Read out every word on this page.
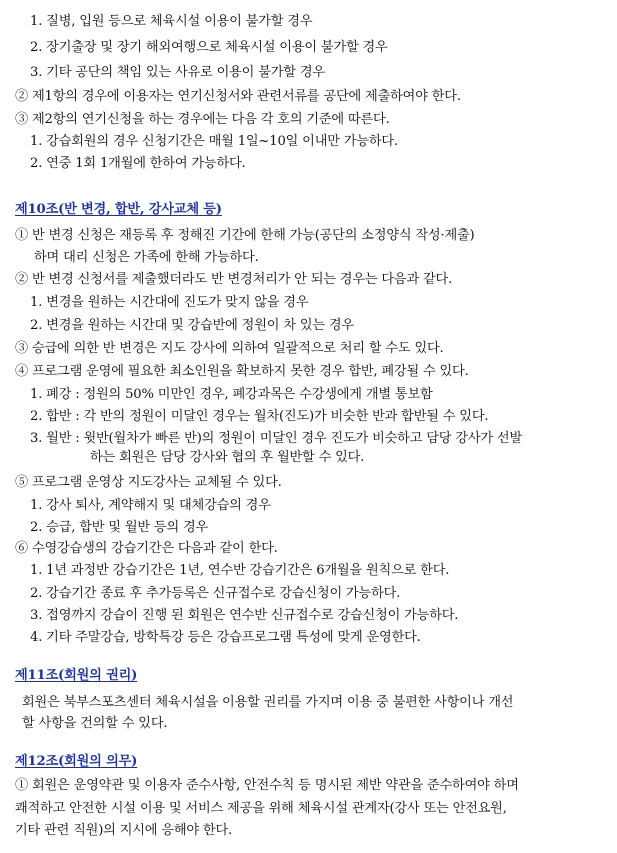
1. 질병, 입원 등으로 체육시설 이용이 불가할 경우
2. 장기출장 및 장기 해외여행으로 체육시설 이용이 불가할 경우
3. 기타 공단의 책임 있는 사유로 이용이 불가할 경우
② 제1항의 경우에 이용자는 연기신청서와 관련서류를 공단에 제출하여야 한다.
③ 제2항의 연기신청을 하는 경우에는 다음 각 호의 기준에 따른다.
1. 강습회원의 경우 신청기간은 매월 1일~10일 이내만 가능하다.
2. 연중 1회 1개월에 한하여 가능하다.
제10조(반 변경, 합반, 강사교체 등)
① 반 변경 신청은 재등록 후 정해진 기간에 한해 가능(공단의 소정양식 작성·제출)
하며 대리 신청은 가족에 한해 가능하다.
② 반 변경 신청서를 제출했더라도 반 변경처리가 안 되는 경우는 다음과 같다.
1. 변경을 원하는 시간대에 진도가 맞지 않을 경우
2. 변경을 원하는 시간대 및 강습반에 정원이 차 있는 경우
③ 승급에 의한 반 변경은 지도 강사에 의하여 일괄적으로 처리 할 수도 있다.
④ 프로그램 운영에 필요한 최소인원을 확보하지 못한 경우 합반, 폐강될 수 있다.
1. 폐강 : 정원의 50% 미만인 경우, 폐강과목은 수강생에게 개별 통보함
2. 합반 : 각 반의 정원이 미달인 경우는 월차(진도)가 비슷한 반과 합반될 수 있다.
3. 월반 : 윗반(월차가 빠른 반)의 정원이 미달인 경우 진도가 비슷하고 담당 강사가 선발
하는 회원은 담당 강사와 협의 후 월반할 수 있다.
⑤ 프로그램 운영상 지도강사는 교체될 수 있다.
1. 강사 퇴사, 계약해지 및 대체강습의 경우
2. 승급, 합반 및 월반 등의 경우
⑥ 수영강습생의 강습기간은 다음과 같이 한다.
1. 1년 과정반 강습기간은 1년, 연수반 강습기간은 6개월을 원칙으로 한다.
2. 강습기간 종료 후 추가등록은 신규접수로 강습신청이 가능하다.
3. 접영까지 강습이 진행 된 회원은 연수반 신규접수로 강습신청이 가능하다.
4. 기타 주말강습, 방학특강 등은 강습프로그램 특성에 맞게 운영한다.
제11조(회원의 권리)
회원은 북부스포츠센터 체육시설을 이용할 권리를 가지며 이용 중 불편한 사항이나 개선
할 사항을 건의할 수 있다.
제12조(회원의 의무)
① 회원은 운영약관 및 이용자 준수사항, 안전수칙 등 명시된 제반 약관을 준수하여야 하며
쾌적하고 안전한 시설 이용 및 서비스 제공을 위해 체육시설 관계자(강사 또는 안전요원,
기타 관련 직원)의 지시에 응해야 한다.
